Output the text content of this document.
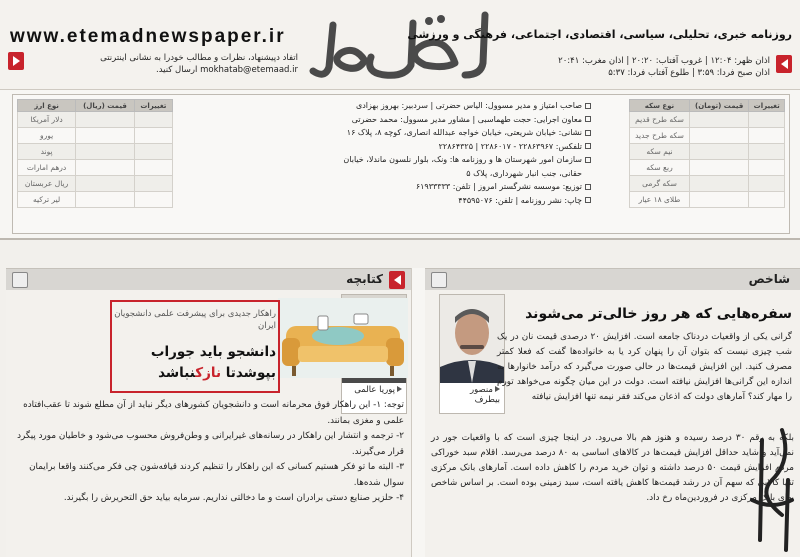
www.etemadnewspaper.ir
اتفاد دپیشنهاد، نظرات و مطالب خودرا به نشانی اینترنتی
mokhatab@etemaad.ir ارسال کنید.
روزنامه خبری، تحلیلی، سیاسی، اقتصادی، اجتماعی، فرهنگی و ورزشی
اذان ظهر: ۱۲:۰۴ | غروب آفتاب: ۲۰:۲۰ | اذان مغرب: ۲۰:۴۱
اذان صبح فردا: ۳:۵۹ | طلوع آفتاب فردا: ۵:۳۷
تغییرات	قیمت (ریال)	نوع ارز
		دلار آمریکا
		یورو
		پوند
		درهم امارات
		ریال عربستان
		لیر ترکیه
صاحب امتیاز و مدیر مسوول: الیاس حضرتی | سردبیر: بهروز بهزادی
معاون اجرایی: حجت طهماسبی | مشاور مدیر مسوول: محمد حضرتی
نشانی: خیابان شریعتی، خیابان خواجه عبدالله انصاری، کوچه ۸، پلاک ۱۶
تلفکس: ۲۲۸۶۳۹۶۷ - ۲۲۸۶۰۱۷ | ۲۲۸۶۴۳۲۵
سازمان امور شهرستان ها و روزنامه ها: ونک، بلوار نلسون ماندلا، خیابان
حقانی، جنب انبار شهرداری، پلاک ۵
توزیع: موسسه نشرگستر امروز | تلفن: ۶۱۹۳۳۳۳۳
چاپ: نشر روزنامه | تلفن: ۴۴۵۹۵۰۷۶
تغییرات	قیمت (تومان)	نوع سکه
		سکه طرح قدیم
		سکه طرح جدید
		نیم سکه
		ربع سکه
		سکه گرمی
		طلای ۱۸ عیار
کتابچه
پوریا عالمی
راهکار جدیدی برای پیشرفت علمی دانشجویان ایران
دانشجو باید جوراب
بپوشدتا نازکنباشد
توجه: ۱- این راهکار فوق محرمانه است و دانشجویان کشورهای دیگر نباید از آن مطلع شوند تا عقب‌افتاده علمی و مغزی بمانند.
۲- ترجمه و انتشار این راهکار در رسانه‌های غیرایرانی و وطن‌فروش محسوب می‌شود و خاطیان مورد پیگرد قرار می‌گیرند.
۳- البته ما تو فکر هستیم کسانی که این راهکار را تنظیم کردند قیافه‌شون چی فکر می‌کنند واقعا برایمان سوال شده‌ها.
۴- حلزیر صنایع دستی برادران است و ما دخالتی نداریم. سرمایه بیاید حق التحریرش را بگیرند.
شاخص
منصور بیطرف
سفره‌هایی که هر روز خالی‌تر می‌شوند
گرانی یکی از واقعیات دردناک جامعه است. افزایش ۲۰ درصدی قیمت نان در یک شب چیزی نیست که بتوان آن را پنهان کرد یا به خانواده‌ها گفت که فعلا کمتر مصرف کنید. این افزایش قیمت‌ها در حالی صورت می‌گیرد که درآمد خانوارها به اندازه این گرانی‌ها افزایش نیافته است. دولت در این میان چگونه می‌خواهد تورم را مهار کند؟ آمارهای دولت که اذعان می‌کند فقر نیمه تنها افزایش نیافته
بلکه به رقم ۳۰ درصد رسیده و هنوز هم بالا می‌رود. در اینجا چیزی است که با واقعیات جور در نمی‌آید و شاید حداقل افزایش قیمت‌ها در کالاهای اساسی به ۸۰ درصد می‌رسد. اقلام سبد خوراکی مردم افزایش قیمت ۵۰ درصد داشته و توان خرید مردم را کاهش داده است. آمارهای بانک مرکزی تنها کالایی که سهم آن در رشد قیمت‌ها کاهش یافته است، سبد زمینی بوده است. بر اساس شاخص بهای بانک مرکزی در فروردین‌ماه رخ داد.
